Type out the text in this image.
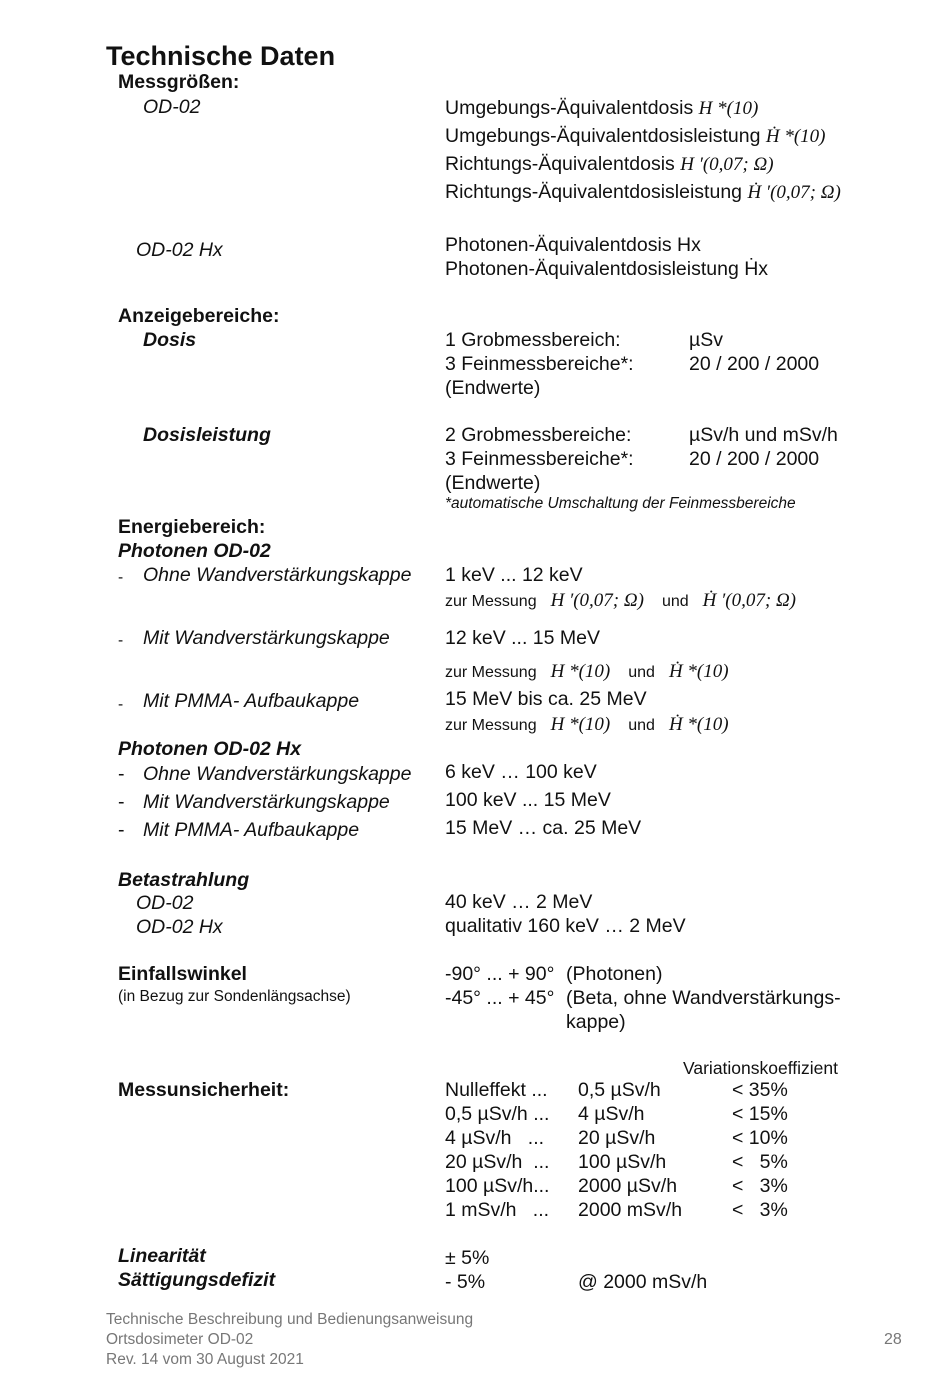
Technische Daten
Messgrößen:
OD-02	Umgebungs-Äquivalentdosis H *(10)
Umgebungs-Äquivalentdosisleistung Ḣ *(10)
Richtungs-Äquivalentdosis H ′(0,07; Ω)
Richtungs-Äquivalentdosisleistung Ḣ ′(0,07; Ω)
OD-02 Hx	Photonen-Äquivalentdosis Hx
Photonen-Äquivalentdosisleistung Ḣx
Anzeigebereiche:
Dosis	1 Grobmessbereich:	µSv
3 Feinmessbereiche*:	20 / 200 / 2000
(Endwerte)
Dosisleistung	2 Grobmessbereiche:	µSv/h und mSv/h
3 Feinmessbereiche*:	20 / 200 / 2000
(Endwerte)
*automatische Umschaltung der Feinmessbereiche
Energiebereich:
Photonen OD-02
- Ohne Wandverstärkungskappe 1 keV ... 12 keV
zur Messung H ′(0,07; Ω) und Ḣ ′(0,07; Ω)
- Mit Wandverstärkungskappe	12 keV ... 15 MeV
zur Messung H *(10) und Ḣ *(10)
- Mit PMMA- Aufbaukappe	15 MeV bis ca. 25 MeV
zur Messung H *(10) und Ḣ *(10)
Photonen OD-02 Hx
- Ohne Wandverstärkungskappe 6 keV … 100 keV
- Mit Wandverstärkungskappe	100 keV ... 15 MeV
- Mit PMMA- Aufbaukappe	15 MeV … ca. 25 MeV
Betastrahlung
OD-02	40 keV … 2 MeV
OD-02 Hx	qualitativ 160 keV … 2 MeV
Einfallswinkel
(in Bezug zur Sondenlängsachse)
-90° ... + 90° (Photonen)
-45° ... + 45° (Beta, ohne Wandverstärkungs-
kappe)
Variationskoeffizient
Messunsicherheit:	Nulleffekt ... 0,5 µSv/h	< 35%
0,5 µSv/h ... 4 µSv/h	< 15%
4 µSv/h   ... 20 µSv/h	< 10%
20 µSv/h  ... 100 µSv/h	<   5%
100 µSv/h... 2000 µSv/h	<   3%
1 mSv/h   ... 2000 mSv/h	<   3%
Linearität	± 5%
Sättigungsdefizit	- 5%	@ 2000 mSv/h
Technische Beschreibung und Bedienungsanweisung
Ortsdosimeter OD-02
Rev. 14 vom 30 August 2021
28
